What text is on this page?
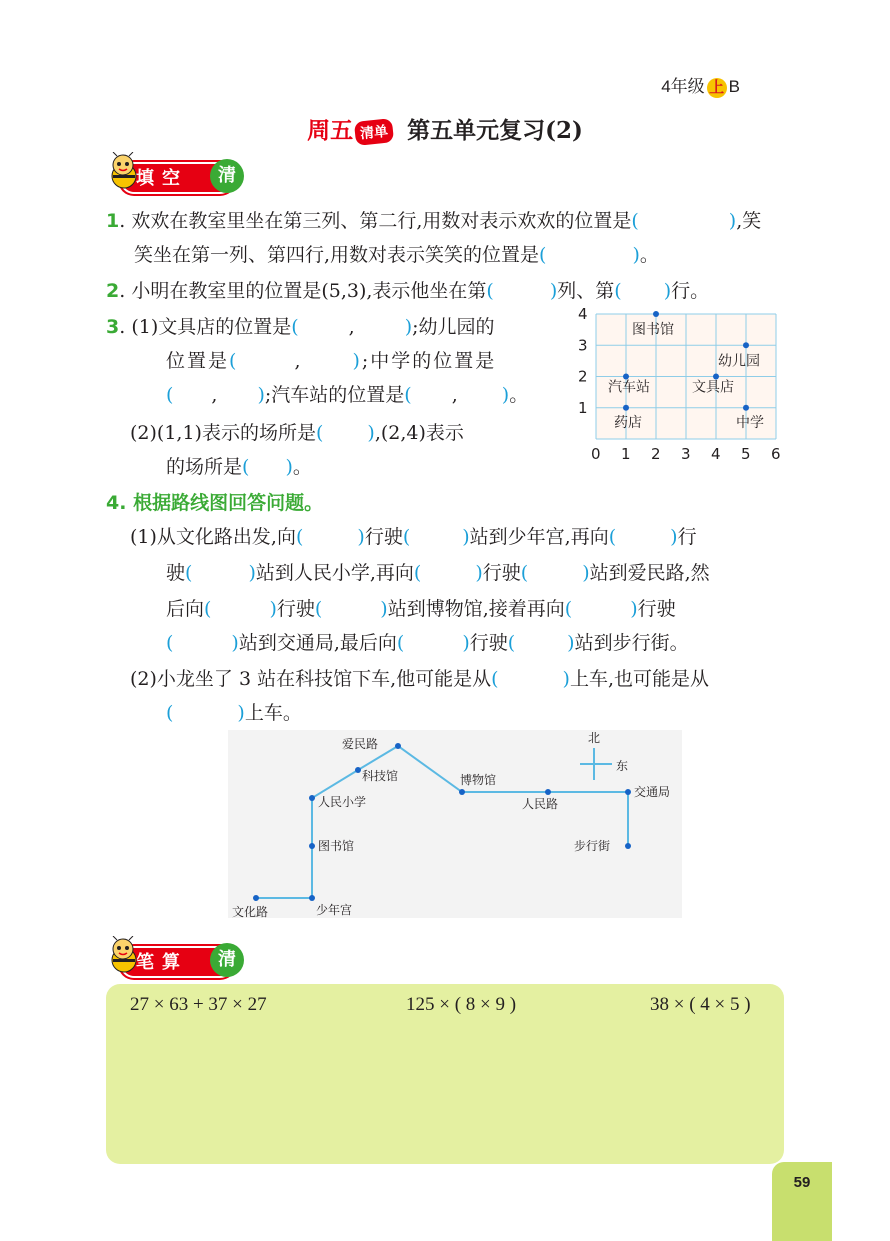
4年级 上 B
周五 清单 第五单元复习(2)
填空	清
1. 欢欢在教室里坐在第三列、第二行,用数对表示欢欢的位置是(	),笑
笑坐在第一列、第四行,用数对表示笑笑的位置是(	)。
2. 小明在教室里的位置是(5,3),表示他坐在第(	)列、第( )行。
3. (1)文具店的位置是(	,	);幼儿园的
位置是(	,	);中学的位置是
( , );汽车站的位置是( , )。
(2)(1,1)表示的场所是( ),(2,4)表示
的场所是( )。
0 1 2 3 4 5 6
1
2
3
4
图书馆
幼儿园
汽车站	文具店
药店	中学
4. 根据路线图回答问题。
(1)从文化路出发,向(	)行驶(	)站到少年宫,再向(	)行
驶(	)站到人民小学,再向(	)行驶(	)站到爱民路,然
后向(	)行驶(	)站到博物馆,接着再向(	)行驶
(	)站到交通局,最后向(	)行驶(	)站到步行街。
(2)小龙坐了 3 站在科技馆下车,他可能是从(	)上车,也可能是从
(	)上车。
北
东
文化路	少年宫
图书馆
人民小学
科技馆
爱民路
博物馆
人民路
交通局
步行街
笔算	清
27 × 63 + 37 × 27	125 × ( 8 × 9 )	38 × ( 4 × 5 )
59
